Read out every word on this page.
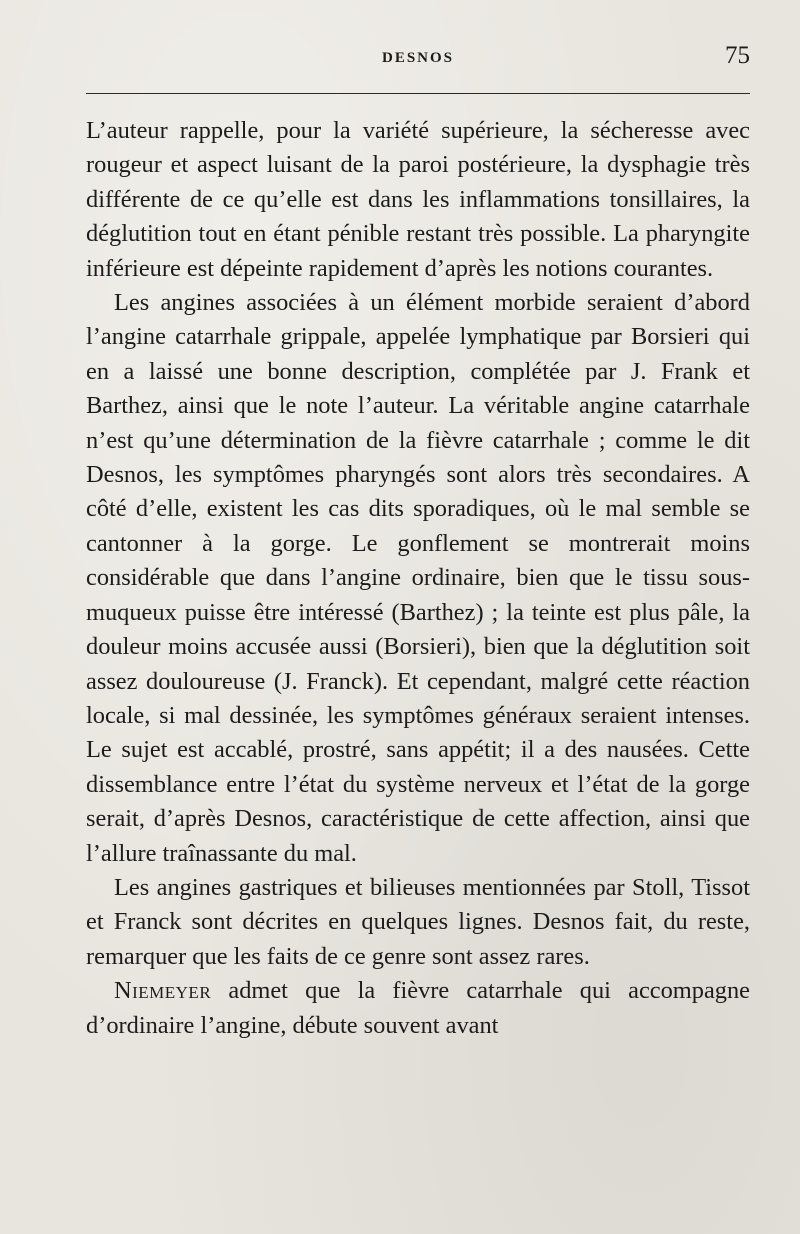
DESNOS	75

L’auteur rappelle, pour la variété supérieure, la sécheresse avec rougeur et aspect luisant de la paroi postérieure, la dysphagie très différente de ce qu’elle est dans les inflammations tonsillaires, la déglutition tout en étant pénible restant très possible. La pharyngite inférieure est dépeinte rapidement d’après les notions courantes.

Les angines associées à un élément morbide seraient d’abord l’angine catarrhale grippale, appelée lymphatique par Borsieri qui en a laissé une bonne description, complétée par J. Frank et Barthez, ainsi que le note l’auteur. La véritable angine catarrhale n’est qu’une détermination de la fièvre catarrhale ; comme le dit Desnos, les symptômes pharyngés sont alors très secondaires. A côté d’elle, existent les cas dits sporadiques, où le mal semble se cantonner à la gorge. Le gonflement se montrerait moins considérable que dans l’angine ordinaire, bien que le tissu sous-muqueux puisse être intéressé (Barthez) ; la teinte est plus pâle, la douleur moins accusée aussi (Borsieri), bien que la déglutition soit assez douloureuse (J. Franck). Et cependant, malgré cette réaction locale, si mal dessinée, les symptômes généraux seraient intenses. Le sujet est accablé, prostré, sans appétit; il a des nausées. Cette dissemblance entre l’état du système nerveux et l’état de la gorge serait, d’après Desnos, caractéristique de cette affection, ainsi que l’allure traînassante du mal.

Les angines gastriques et bilieuses mentionnées par Stoll, Tissot et Franck sont décrites en quelques lignes. Desnos fait, du reste, remarquer que les faits de ce genre sont assez rares.

Niemeyer admet que la fièvre catarrhale qui accompagne d’ordinaire l’angine, débute souvent avant
